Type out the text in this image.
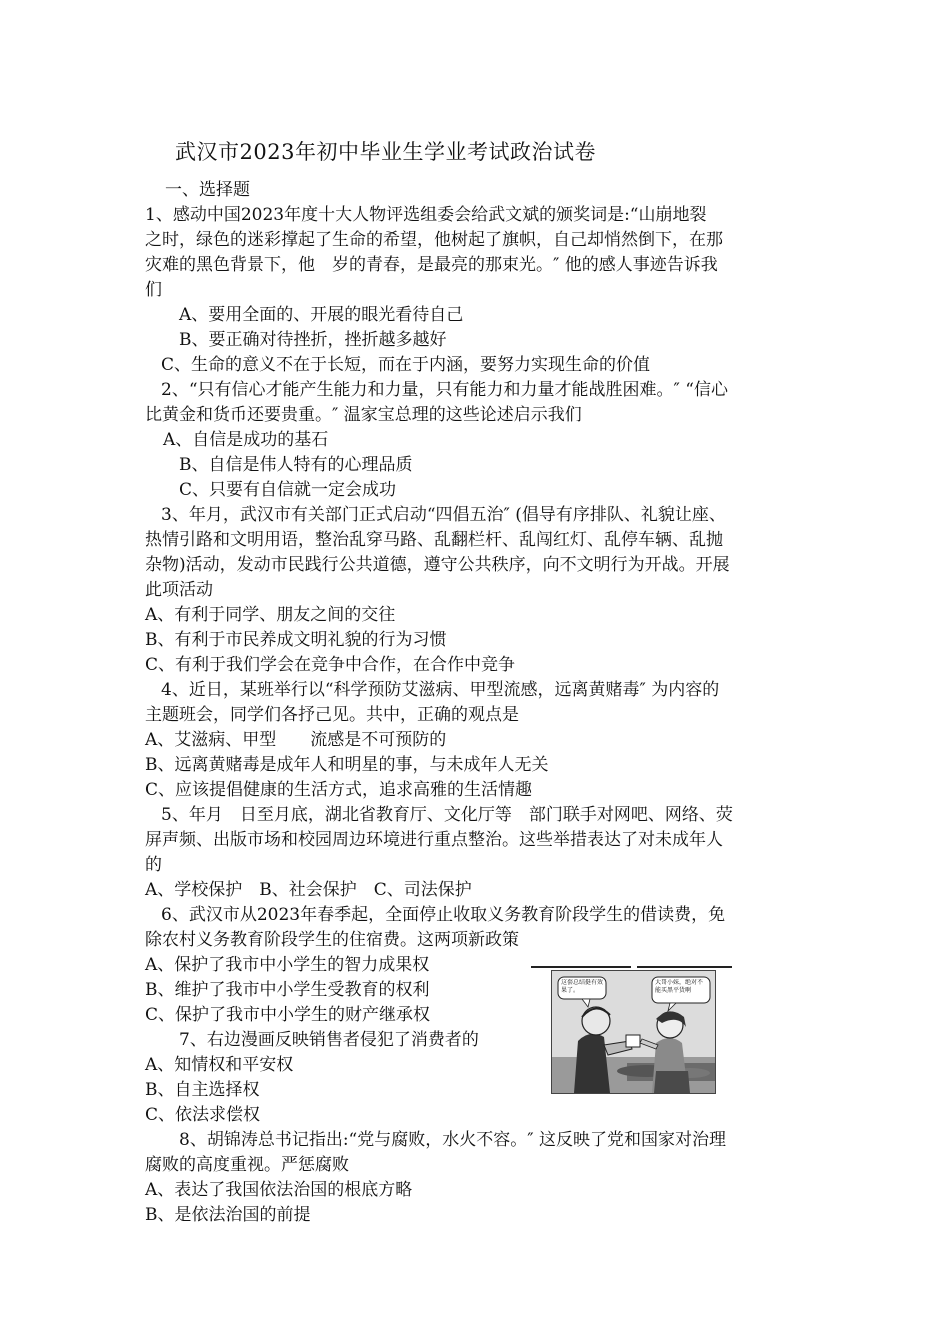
武汉市2023年初中毕业生学业考试政治试卷
一、选择题
1、感动中国2023年度十大人物评选组委会给武文斌的颁奖词是:“山崩地裂
之时，绿色的迷彩撑起了生命的希望，他树起了旗帜，自己却悄然倒下，在那
灾难的黑色背景下，他　岁的青春，是最亮的那束光。″ 他的感人事迹告诉我
们
A、要用全面的、开展的眼光看待自己
B、要正确对待挫折，挫折越多越好
C、生命的意义不在于长短，而在于内涵，要努力实现生命的价值
2、“只有信心才能产生能力和力量，只有能力和力量才能战胜困难。″ “信心
比黄金和货币还要贵重。″ 温家宝总理的这些论述启示我们
A、自信是成功的基石
B、自信是伟人特有的心理品质
C、只要有自信就一定会成功
3、年月，武汉市有关部门正式启动“四倡五治″ (倡导有序排队、礼貌让座、
热情引路和文明用语，整治乱穿马路、乱翻栏杆、乱闯红灯、乱停车辆、乱抛
杂物)活动，发动市民践行公共道德，遵守公共秩序，向不文明行为开战。开展
此项活动
A、有利于同学、朋友之间的交往
B、有利于市民养成文明礼貌的行为习惯
C、有利于我们学会在竞争中合作，在合作中竞争
4、近日，某班举行以“科学预防艾滋病、甲型流感，远离黄赌毒″ 为内容的
主题班会，同学们各抒己见。共中，正确的观点是
A、艾滋病、甲型　　流感是不可预防的
B、远离黄赌毒是成年人和明星的事，与未成年人无关
C、应该提倡健康的生活方式，追求高雅的生活情趣
5、年月　日至月底，湖北省教育厅、文化厅等　部门联手对网吧、网络、荧
屏声频、出版市场和校园周边环境进行重点整治。这些举措表达了对未成年人
的
A、学校保护　B、社会保护　C、司法保护
6、武汉市从2023年春季起，全面停止收取义务教育阶段学生的借读费，免
除农村义务教育阶段学生的住宿费。这两项新政策
A、保护了我市中小学生的智力成果权
B、维护了我市中小学生受教育的权利
C、保护了我市中小学生的财产继承权
7、右边漫画反映销售者侵犯了消费者的
A、知情权和平安权
B、自主选择权
C、依法求偿权
8、胡锦涛总书记指出:“党与腐败，水火不容。″ 这反映了党和国家对治理
腐败的高度重视。严惩腐败
A、表达了我国依法治国的根底方略
B、是依法治国的前提
这套总结挺有效果了。
大哥小妹，绝对不能买黑平货啊
